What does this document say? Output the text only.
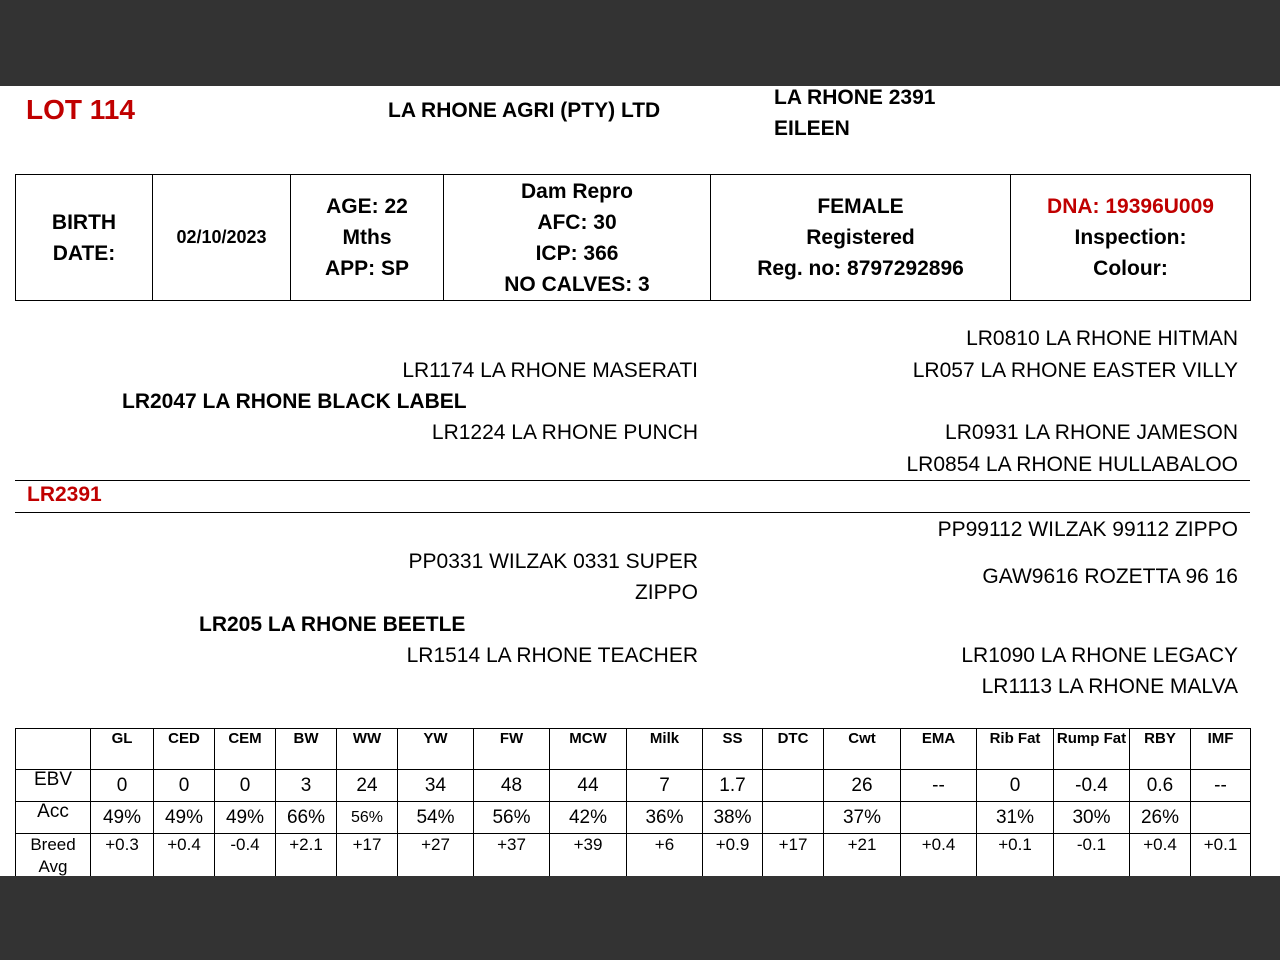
LOT 114	LA RHONE AGRI (PTY) LTD
LA RHONE 2391
EILEEN
BIRTH
DATE:
	02/10/2023	
AGE: 22
Mths
APP: SP

Dam Repro
AFC: 30
ICP: 366
NO CALVES: 3

FEMALE
Registered
Reg. no: 8797292896

DNA: 19396U009
Inspection:
Colour:
LR0810 LA RHONE HITMAN
LR1174 LA RHONE MASERATI	LR057 LA RHONE EASTER VILLY
LR2047 LA RHONE BLACK LABEL
LR1224 LA RHONE PUNCH	LR0931 LA RHONE JAMESON
LR0854 LA RHONE HULLABALOO
LR2391
PP99112 WILZAK 99112 ZIPPO
PP0331 WILZAK 0331 SUPER
ZIPPO
GAW9616 ROZETTA 96 16
LR205 LA RHONE BEETLE
LR1514 LA RHONE TEACHER	LR1090 LA RHONE LEGACY
LR1113 LA RHONE MALVA
	GL	CED	CEM	BW	WW	YW	FW	MCW	Milk	SS	DTC	Cwt	EMA	Rib Fat	Rump Fat	RBY	IMF
EBV	0	0	0	3	24	34	48	44	7	1.7		26	--	0	-0.4	0.6	--
Acc	49%	49%	49%	66%	56%	54%	56%	42%	36%	38%		37%		31%	30%	26%	

Breed
Avg	+0.3	+0.4	-0.4	+2.1	+17	+27	+37	+39	+6	+0.9	+17	+21	+0.4	+0.1	-0.1	+0.4	+0.1
